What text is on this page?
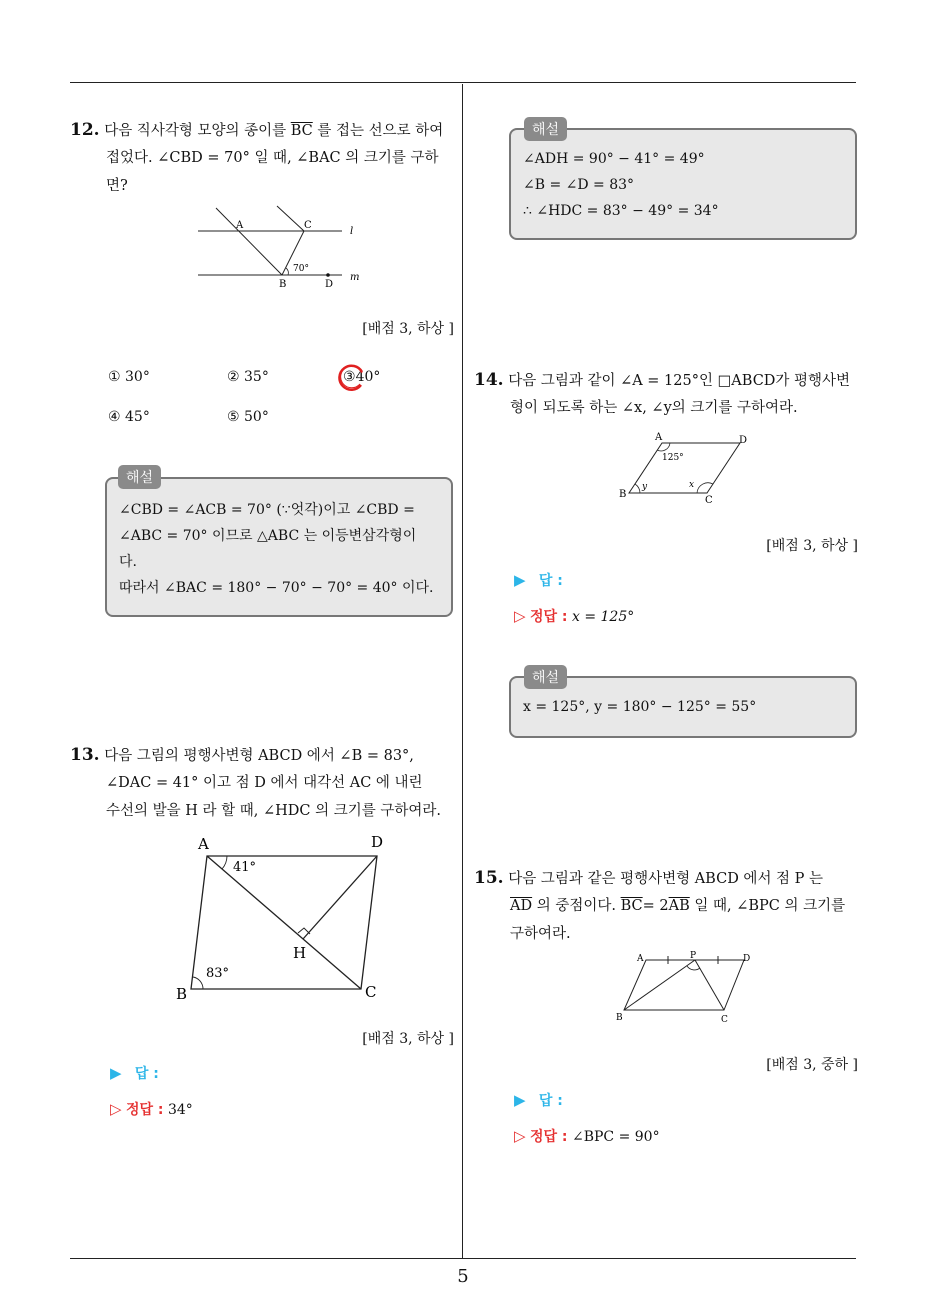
5
12. 다음 직사각형 모양의 종이를 $\overline{BC}$ 를 접는 선으로 하여
접었다. ∠CBD = 70° 일 때, ∠BAC 의 크기를 구하
면?
A	C
l
70°
B	D
m
[배점 3, 하상 ]
① 30°	② 35°	③40°
④ 45°	⑤ 50°
∠CBD = ∠ACB = 70° (∵엇각)이고 ∠CBD =
∠ABC = 70° 이므로 △ABC 는 이등변삼각형이
다.
따라서 ∠BAC = 180° − 70° − 70° = 40° 이다.
해설
13. 다음 그림의 평행사변형 ABCD 에서 ∠B = 83°,
∠DAC = 41° 이고 점 D 에서 대각선 AC 에 내린
수선의 발을 H 라 할 때, ∠HDC 의 크기를 구하여라.
A	D
41°
H
83°
B	C
[배점 3, 하상 ]
▶ 답 :
▷ 정답 : 34°
∠ADH = 90° − 41° = 49°
∠B = ∠D = 83°
∴ ∠HDC = 83° − 49° = 34°
해설
14. 다음 그림과 같이 ∠A = 125°인 □ABCD가 평행사변
형이 되도록 하는 ∠x, ∠y의 크기를 구하여라.
A	D
125°
B
y	x
C
[배점 3, 하상 ]
▶ 답 :
▷ 정답 : x = 125°
x = 125°, y = 180° − 125° = 55°
해설
15. 다음 그림과 같은 평행사변형 ABCD 에서 점 P 는
$\overline{AD}$ 의 중점이다. $\overline{BC}= 2\overline{AB}$ 일 때, ∠BPC 의 크기를
구하여라.
A	P	D
B	C
[배점 3, 중하 ]
▶ 답 :
▷ 정답 : ∠BPC = 90°
